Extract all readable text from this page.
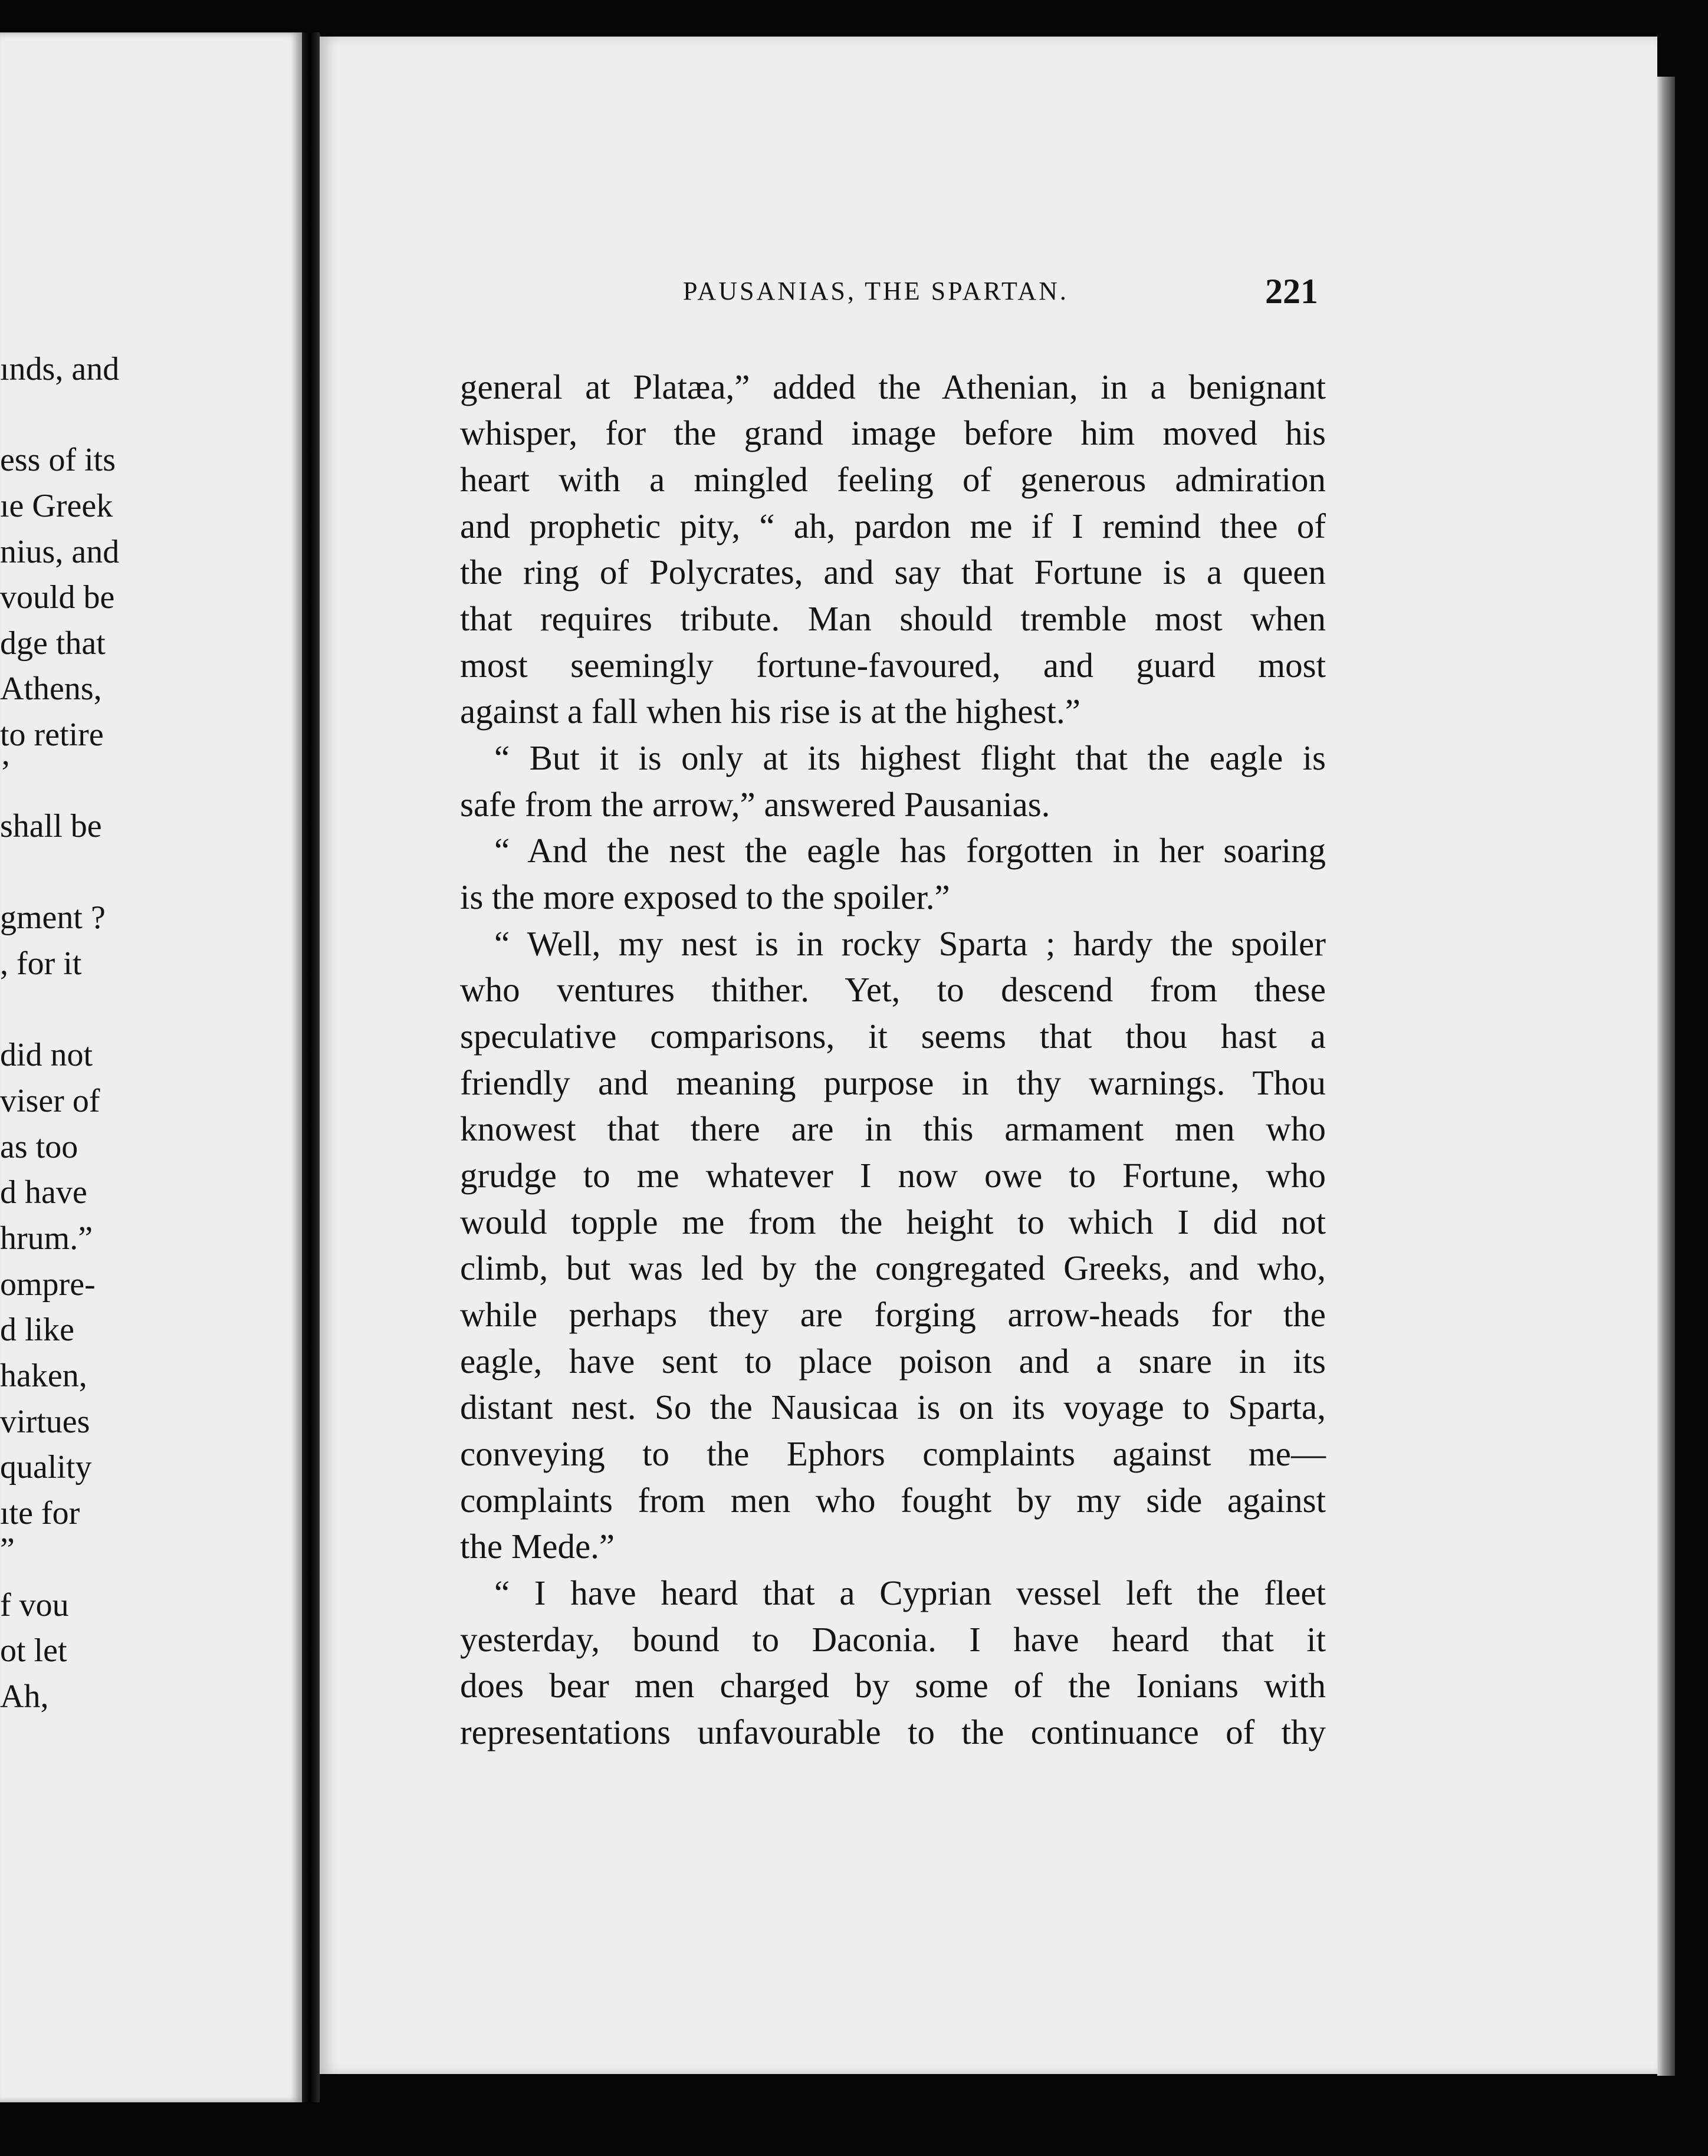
ınds, and
ess of its
ıe Greek
nius, and
vould be
dge that
Athens,
to retire
’
shall be
gment ?
, for it
did not
viser of
as too
d have
hrum.”
ompre-
d like
haken,
virtues
quality
ıte for
”
f vou
ot let
Ah,
PAUSANIAS, THE SPARTAN.	221
general at Platæa,” added the Athenian, in a benignant
whisper, for the grand image before him moved his
heart with a mingled feeling of generous admiration
and prophetic pity, “ ah, pardon me if I remind thee of
the ring of Polycrates, and say that Fortune is a queen
that requires tribute. Man should tremble most when
most seemingly fortune-favoured, and guard most
against a fall when his rise is at the highest.”
“ But it is only at its highest flight that the eagle is
safe from the arrow,” answered Pausanias.
“ And the nest the eagle has forgotten in her soaring
is the more exposed to the spoiler.”
“ Well, my nest is in rocky Sparta ; hardy the spoiler
who ventures thither. Yet, to descend from these
speculative comparisons, it seems that thou hast a
friendly and meaning purpose in thy warnings. Thou
knowest that there are in this armament men who
grudge to me whatever I now owe to Fortune, who
would topple me from the height to which I did not
climb, but was led by the congregated Greeks, and who,
while perhaps they are forging arrow-heads for the
eagle, have sent to place poison and a snare in its
distant nest. So the Nausicaa is on its voyage to Sparta,
conveying to the Ephors complaints against me—
complaints from men who fought by my side against
the Mede.”
“ I have heard that a Cyprian vessel left the fleet
yesterday, bound to Daconia. I have heard that it
does bear men charged by some of the Ionians with
representations unfavourable to the continuance of thy
